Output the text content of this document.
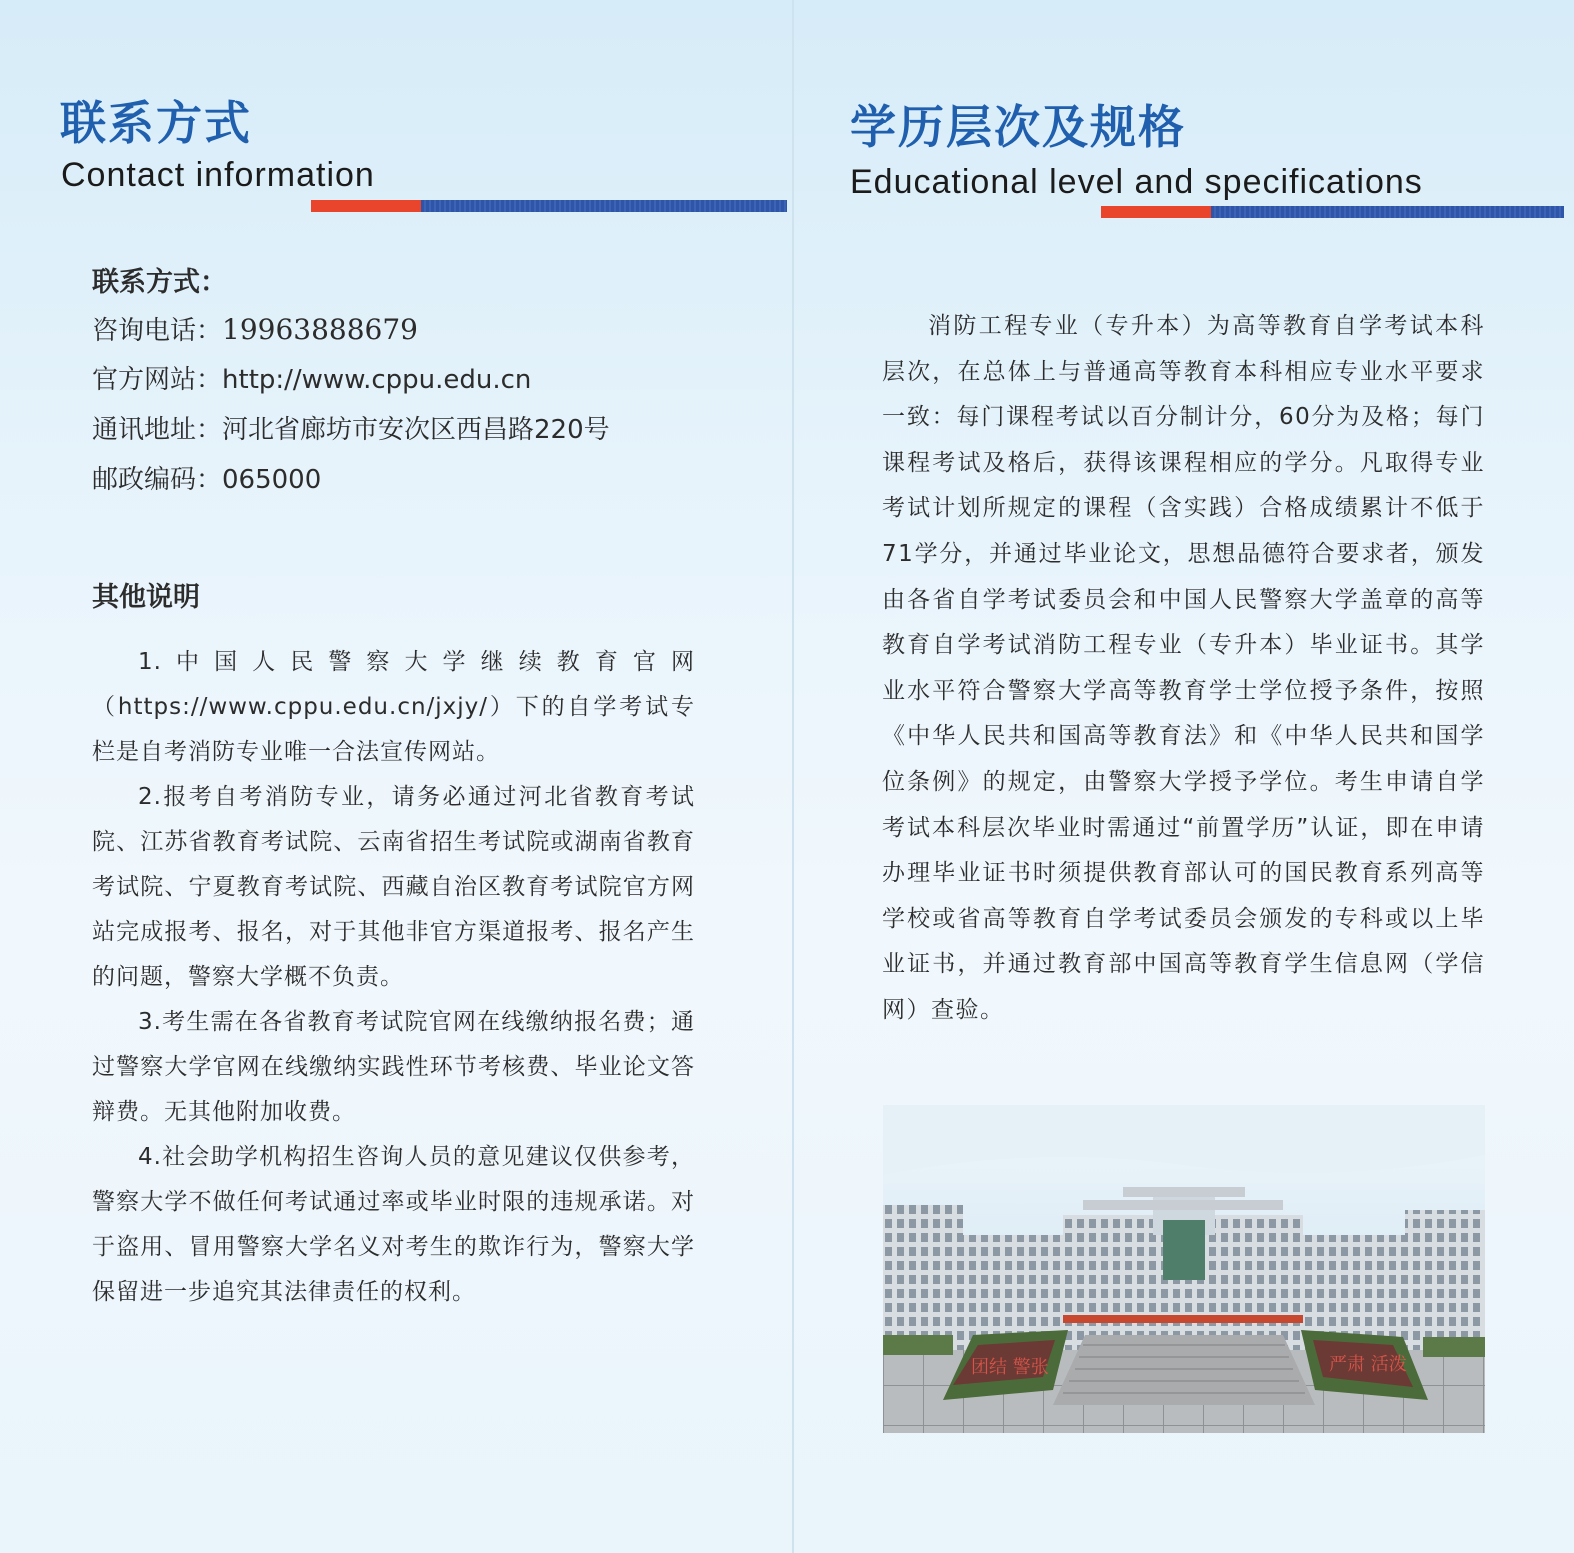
联系方式
Contact information
联系方式：
咨询电话：19963888679
官方网站：http://www.cppu.edu.cn
通讯地址：河北省廊坊市安次区西昌路220号
邮政编码：065000
其他说明

1.中国人民警察大学继续教育官网（https://www.cppu.edu.cn/jxjy/）下的自学考试专栏是自考消防专业唯一合法宣传网站。

2.报考自考消防专业，请务必通过河北省教育考试院、江苏省教育考试院、云南省招生考试院或湖南省教育考试院、宁夏教育考试院、西藏自治区教育考试院官方网站完成报考、报名，对于其他非官方渠道报考、报名产生的问题，警察大学概不负责。

3.考生需在各省教育考试院官网在线缴纳报名费；通过警察大学官网在线缴纳实践性环节考核费、毕业论文答辩费。无其他附加收费。

4.社会助学机构招生咨询人员的意见建议仅供参考，警察大学不做任何考试通过率或毕业时限的违规承诺。对于盗用、冒用警察大学名义对考生的欺诈行为，警察大学保留进一步追究其法律责任的权利。

学历层次及规格
Educational level and specifications

消防工程专业（专升本）为高等教育自学考试本科层次，在总体上与普通高等教育本科相应专业水平要求一致：每门课程考试以百分制计分，60分为及格；每门课程考试及格后，获得该课程相应的学分。凡取得专业考试计划所规定的课程（含实践）合格成绩累计不低于71学分，并通过毕业论文，思想品德符合要求者，颁发由各省自学考试委员会和中国人民警察大学盖章的高等教育自学考试消防工程专业（专升本）毕业证书。其学业水平符合警察大学高等教育学士学位授予条件，按照《中华人民共和国高等教育法》和《中华人民共和国学位条例》的规定，由警察大学授予学位。考生申请自学考试本科层次毕业时需通过“前置学历”认证，即在申请办理毕业证书时须提供教育部认可的国民教育系列高等学校或省高等教育自学考试委员会颁发的专科或以上毕业证书，并通过教育部中国高等教育学生信息网（学信网）查验。

团结 警张	严肃 活泼
